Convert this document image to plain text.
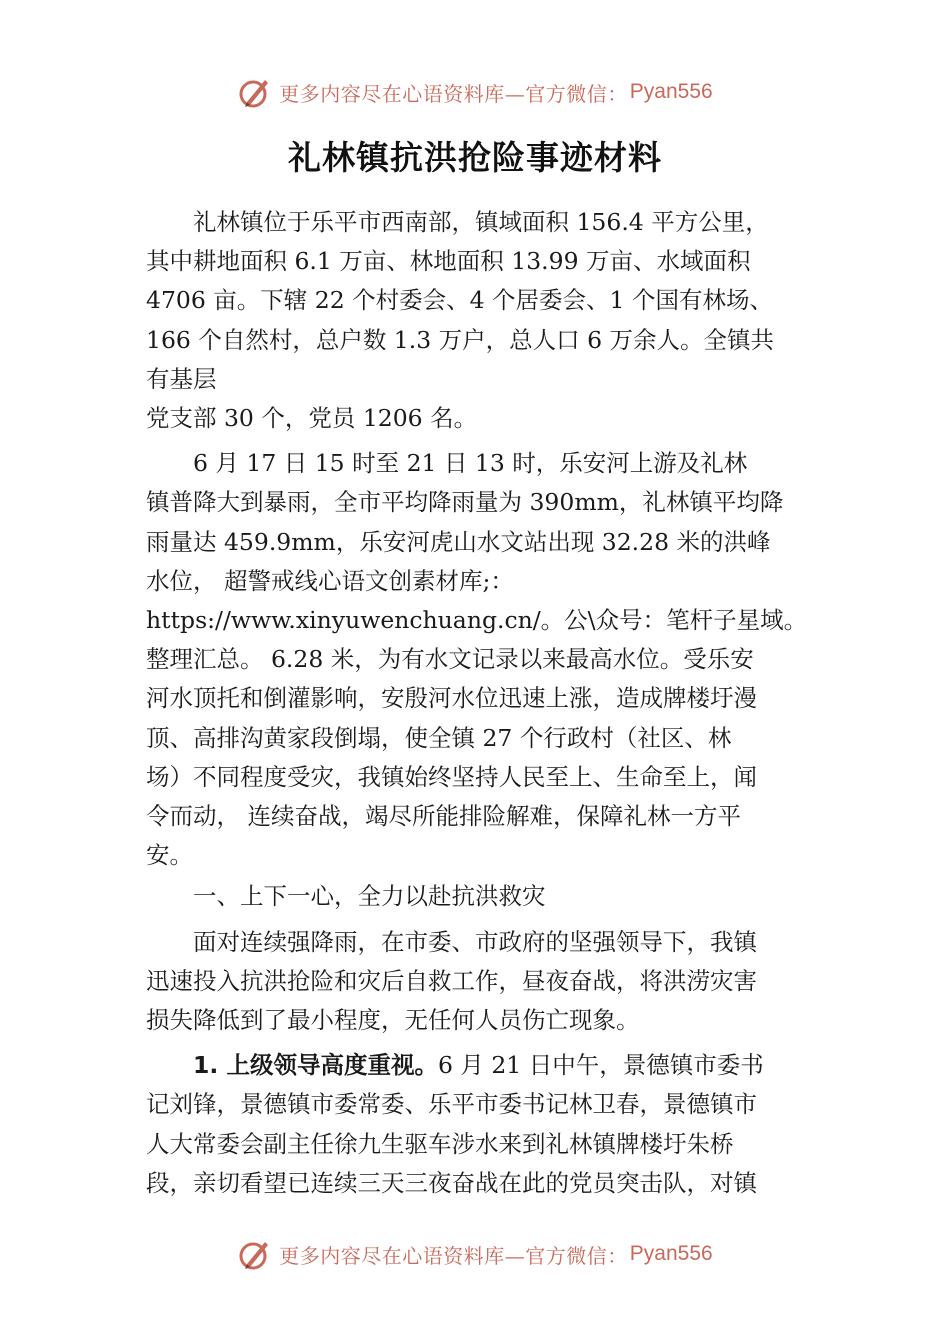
更多内容尽在心语资料库—官方微信： Pyan556
礼林镇抗洪抢险事迹材料

礼林镇位于乐平市西南部，镇域面积 156.4 平方公里，

其中耕地面积 6.1 万亩、林地面积 13.99 万亩、水域面积

4706 亩。下辖 22 个村委会、4 个居委会、1 个国有林场、

166 个自然村，总户数 1.3 万户，总人口 6 万余人。全镇共

有基层

党支部 30 个，党员 1206 名。

6 月 17 日 15 时至 21 日 13 时，乐安河上游及礼林

镇普降大到暴雨，全市平均降雨量为 390mm，礼林镇平均降

雨量达 459.9mm，乐安河虎山水文站出现 32.28 米的洪峰

水位， 超警戒线心语文创素材库;：

https://www.xinyuwenchuang.cn/。公\众号：笔杆子星域。

整理汇总。 6.28 米，为有水文记录以来最高水位。受乐安

河水顶托和倒灌影响，安殷河水位迅速上涨，造成牌楼圩漫

顶、高排沟黄家段倒塌，使全镇 27 个行政村（社区、林

场）不同程度受灾，我镇始终坚持人民至上、生命至上，闻

令而动， 连续奋战，竭尽所能排险解难，保障礼林一方平

安。

一、上下一心，全力以赴抗洪救灾

面对连续强降雨，在市委、市政府的坚强领导下，我镇

迅速投入抗洪抢险和灾后自救工作，昼夜奋战，将洪涝灾害

损失降低到了最小程度，无任何人员伤亡现象。

1. 上级领导高度重视。6 月 21 日中午，景德镇市委书

记刘锋，景德镇市委常委、乐平市委书记林卫春，景德镇市

人大常委会副主任徐九生驱车涉水来到礼林镇牌楼圩朱桥

段，亲切看望已连续三天三夜奋战在此的党员突击队，对镇

更多内容尽在心语资料库—官方微信： Pyan556
